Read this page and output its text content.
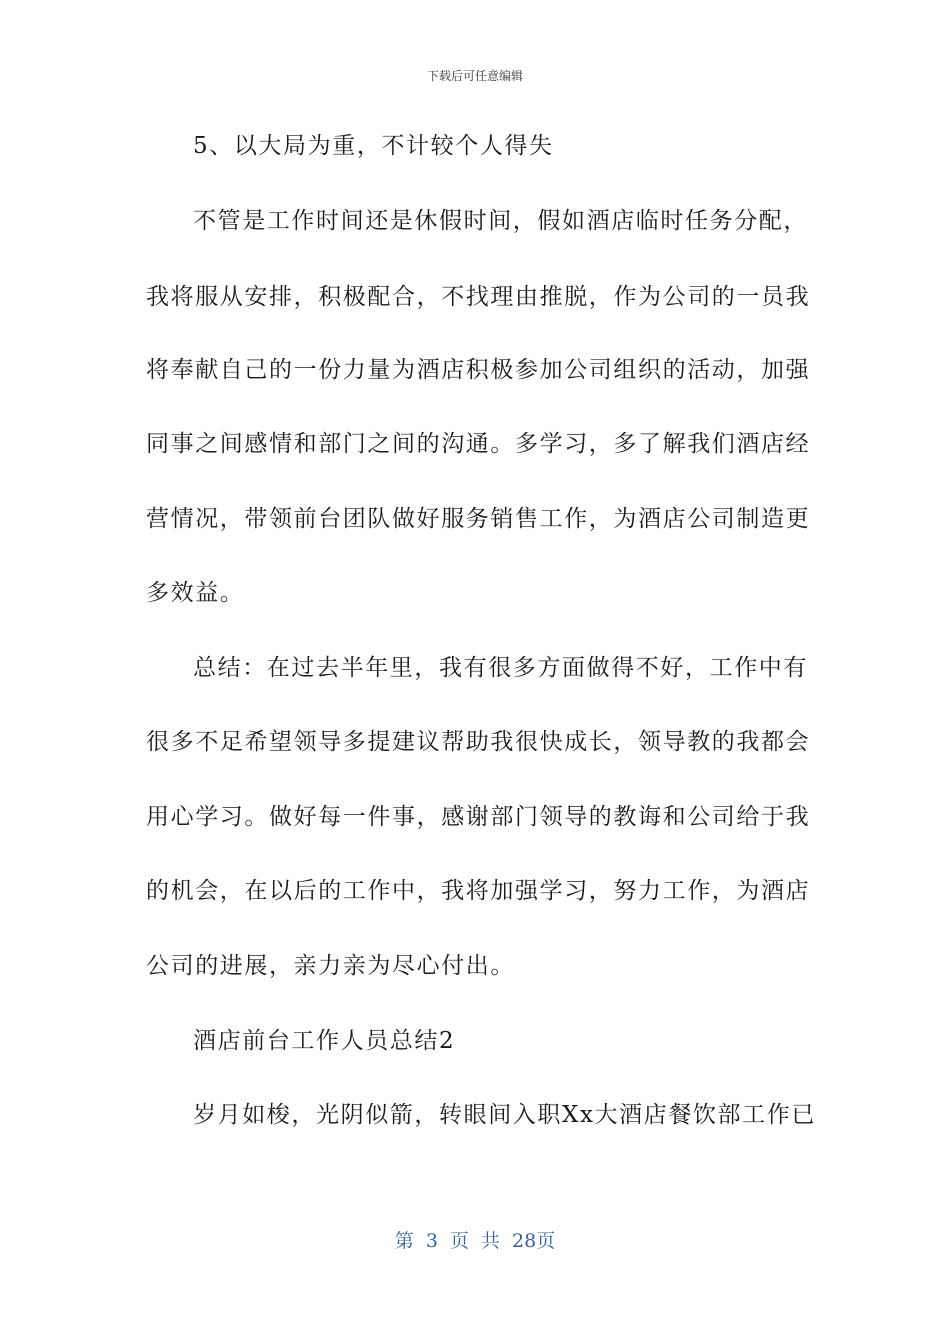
下载后可任意编辑
5、以大局为重，不计较个人得失
不管是工作时间还是休假时间，假如酒店临时任务分配，
我将服从安排，积极配合，不找理由推脱，作为公司的一员我
将奉献自己的一份力量为酒店积极参加公司组织的活动，加强
同事之间感情和部门之间的沟通。多学习，多了解我们酒店经
营情况，带领前台团队做好服务销售工作，为酒店公司制造更
多效益。
总结：在过去半年里，我有很多方面做得不好，工作中有
很多不足希望领导多提建议帮助我很快成长，领导教的我都会
用心学习。做好每一件事，感谢部门领导的教诲和公司给于我
的机会，在以后的工作中，我将加强学习，努力工作，为酒店
公司的进展，亲力亲为尽心付出。
酒店前台工作人员总结2
岁月如梭，光阴似箭，转眼间入职Xx大酒店餐饮部工作已
第 3 页 共 28页
